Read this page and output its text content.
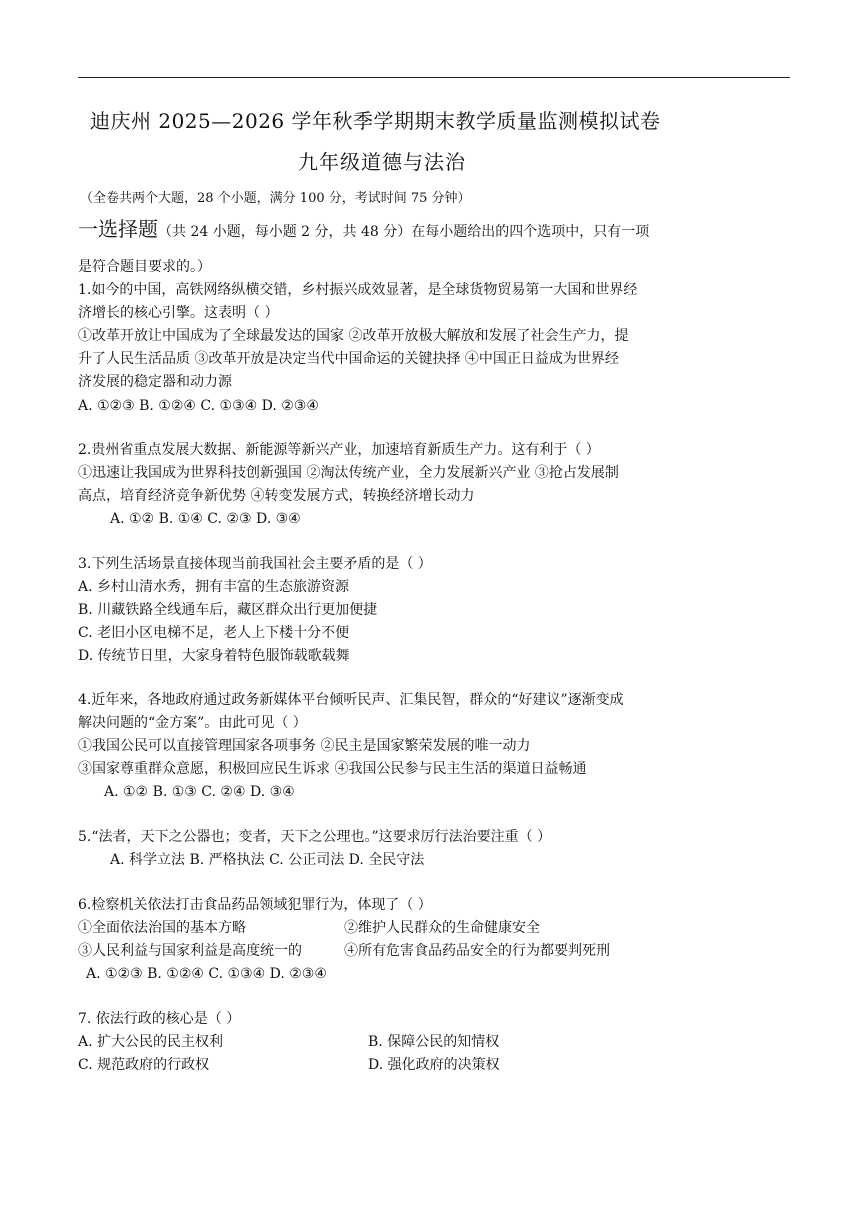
迪庆州 2025—2026 学年秋季学期期末教学质量监测模拟试卷
九年级道德与法治
（全卷共两个大题，28 个小题，满分 100 分，考试时间 75 分钟）
一选择题（共 24 小题，每小题 2 分，共 48 分）在每小题给出的四个选项中，只有一项
是符合题目要求的。）
1.如今的中国，高铁网络纵横交错，乡村振兴成效显著，是全球货物贸易第一大国和世界经
济增长的核心引擎。这表明（ ）
①改革开放让中国成为了全球最发达的国家 ②改革开放极大解放和发展了社会生产力，提
升了人民生活品质 ③改革开放是决定当代中国命运的关键抉择 ④中国正日益成为世界经
济发展的稳定器和动力源
A. ①②③ B. ①②④ C. ①③④ D. ②③④
2.贵州省重点发展大数据、新能源等新兴产业，加速培育新质生产力。这有利于（ ）
①迅速让我国成为世界科技创新强国 ②淘汰传统产业，全力发展新兴产业 ③抢占发展制
高点，培育经济竞争新优势 ④转变发展方式，转换经济增长动力
A. ①② B. ①④ C. ②③ D. ③④
3.下列生活场景直接体现当前我国社会主要矛盾的是（ ）
A. 乡村山清水秀，拥有丰富的生态旅游资源
B. 川藏铁路全线通车后，藏区群众出行更加便捷
C. 老旧小区电梯不足，老人上下楼十分不便
D. 传统节日里，大家身着特色服饰载歌载舞
4.近年来，各地政府通过政务新媒体平台倾听民声、汇集民智，群众的“好建议”逐渐变成
解决问题的“金方案”。由此可见（ ）
①我国公民可以直接管理国家各项事务 ②民主是国家繁荣发展的唯一动力
③国家尊重群众意愿，积极回应民生诉求 ④我国公民参与民主生活的渠道日益畅通
A. ①② B. ①③ C. ②④ D. ③④
5.“法者，天下之公器也；变者，天下之公理也。”这要求厉行法治要注重（ ）
A. 科学立法 B. 严格执法 C. 公正司法 D. 全民守法
6.检察机关依法打击食品药品领域犯罪行为，体现了（ ）
①全面依法治国的基本方略	②维护人民群众的生命健康安全
③人民利益与国家利益是高度统一的	④所有危害食品药品安全的行为都要判死刑
A. ①②③ B. ①②④ C. ①③④ D. ②③④
7. 依法行政的核心是（ ）
A. 扩大公民的民主权利	B. 保障公民的知情权
C. 规范政府的行政权	D. 强化政府的决策权
